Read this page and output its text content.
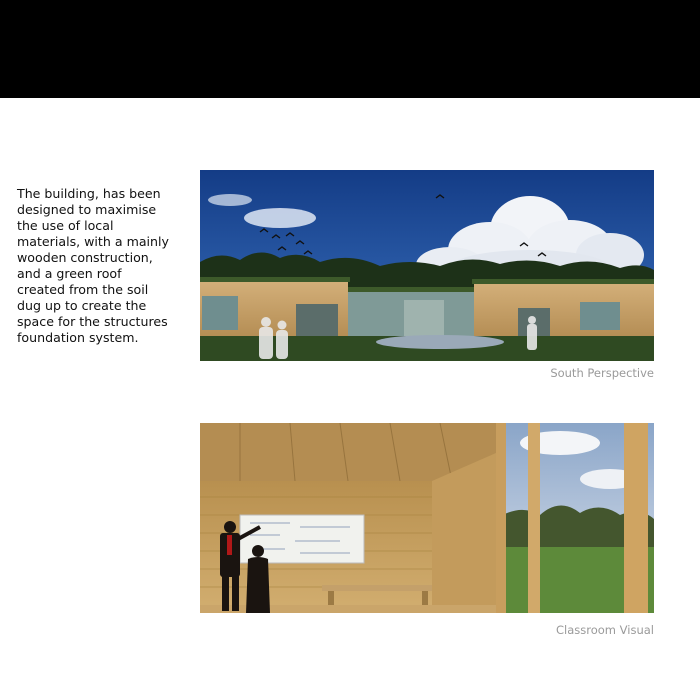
The building, has been
designed to maximise
the use of local
materials, with a mainly
wooden construction,
and a green roof
created from the soil
dug up to create the
space for the structures
foundation system.

South Perspective

Classroom Visual
